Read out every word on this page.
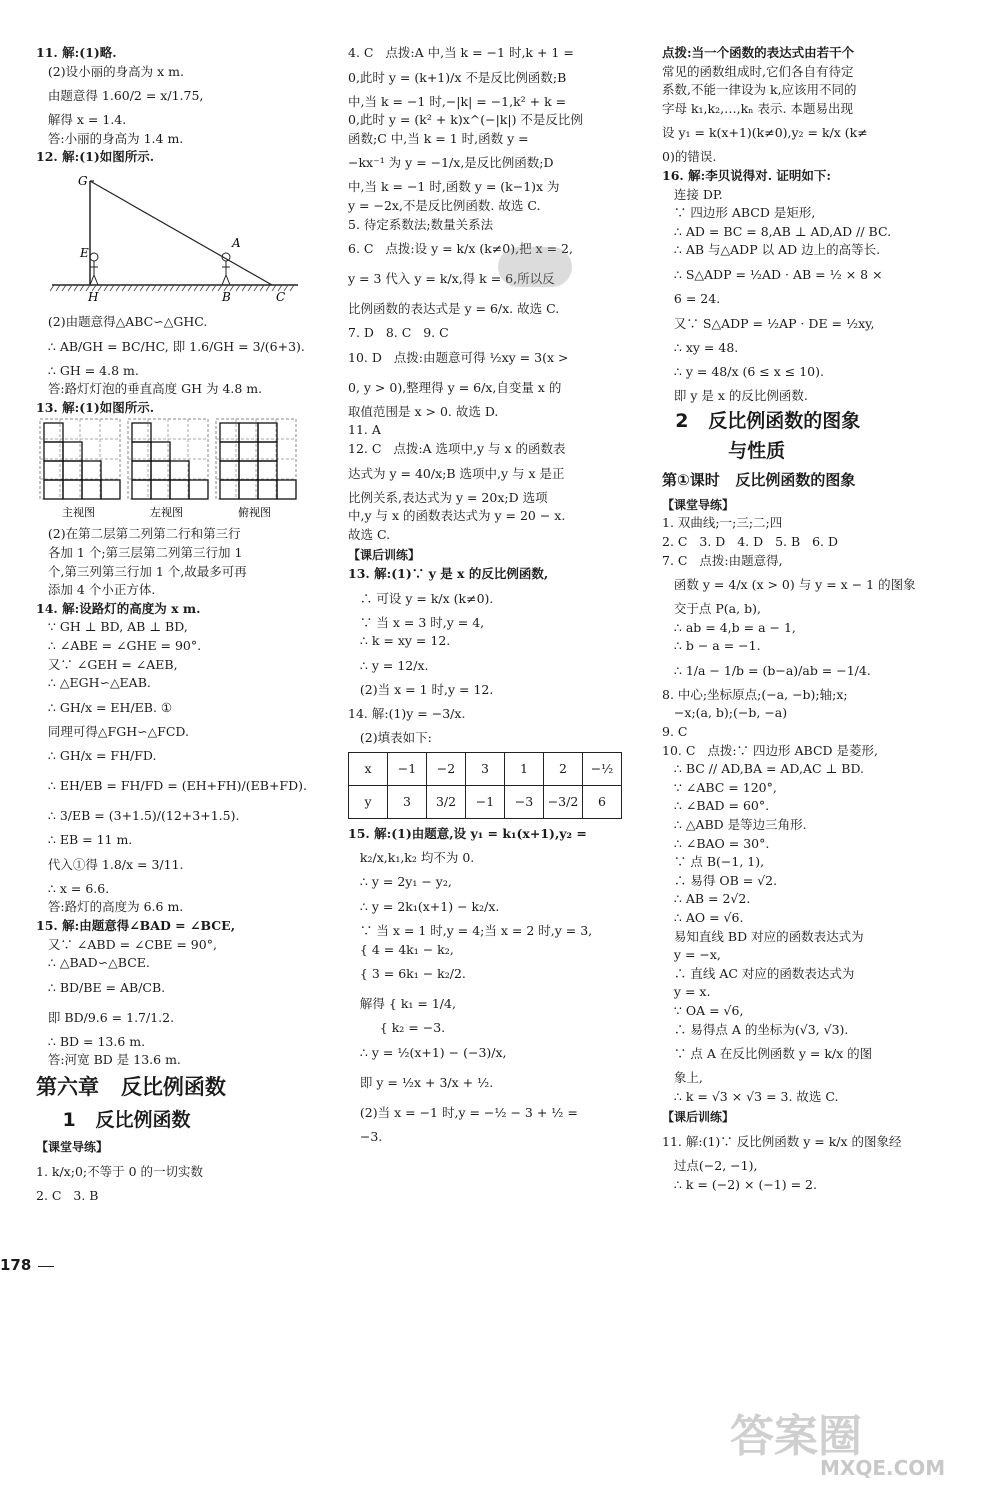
11. 解:(1)略.
(2)设小丽的身高为 x m.
由题意得 1.60/2 = x/1.75,
解得 x = 1.4.
答:小丽的身高为 1.4 m.
12. 解:(1)如图所示.
G
E
A
H	B	C
(2)由题意得△ABC∽△GHC.
∴ AB/GH = BC/HC, 即 1.6/GH = 3/(6+3).
∴ GH = 4.8 m.
答:路灯灯泡的垂直高度 GH 为 4.8 m.
13. 解:(1)如图所示.
主视图	左视图	俯视图
(2)在第二层第二列第二行和第三行
各加 1 个;第三层第二列第三行加 1
个,第三列第三行加 1 个,故最多可再
添加 4 个小正方体.
14. 解:设路灯的高度为 x m.
∵ GH ⊥ BD, AB ⊥ BD,
∴ ∠ABE = ∠GHE = 90°.
又∵ ∠GEH = ∠AEB,
∴ △EGH∽△EAB.
∴ GH/x = EH/EB. ①
同理可得△FGH∽△FCD.
∴ GH/x = FH/FD.
∴ EH/EB = FH/FD = (EH+FH)/(EB+FD).
∴ 3/EB = (3+1.5)/(12+3+1.5).
∴ EB = 11 m.
代入①得 1.8/x = 3/11.
∴ x = 6.6.
答:路灯的高度为 6.6 m.
15. 解:由题意得∠BAD = ∠BCE,
又∵ ∠ABD = ∠CBE = 90°,
∴ △BAD∽△BCE.
∴ BD/BE = AB/CB.
即 BD/9.6 = 1.7/1.2.
∴ BD = 13.6 m.
答:河宽 BD 是 13.6 m.
第六章   反比例函数
1   反比例函数
【课堂导练】
1. k/x;0;不等于 0 的一切实数
2. C   3. B
4. C   点拨:A 中,当 k = −1 时,k + 1 =
0,此时 y = (k+1)/x 不是反比例函数;B
中,当 k = −1 时,−|k| = −1,k² + k =
0,此时 y = (k² + k)x^(−|k|) 不是反比例
函数;C 中,当 k = 1 时,函数 y =
−kx⁻¹ 为 y = −1/x,是反比例函数;D
中,当 k = −1 时,函数 y = (k−1)x 为
y = −2x,不是反比例函数. 故选 C.
5. 待定系数法;数量关系法
6. C   点拨:设 y = k/x (k≠0),把 x = 2,
y = 3 代入 y = k/x,得 k = 6,所以反
比例函数的表达式是 y = 6/x. 故选 C.
7. D   8. C   9. C
10. D   点拨:由题意可得 ½xy = 3(x >
0, y > 0),整理得 y = 6/x,自变量 x 的
取值范围是 x > 0. 故选 D.
11. A
12. C   点拨:A 选项中,y 与 x 的函数表
达式为 y = 40/x;B 选项中,y 与 x 是正
比例关系,表达式为 y = 20x;D 选项
中,y 与 x 的函数表达式为 y = 20 − x.
故选 C.
【课后训练】
13. 解:(1)∵ y 是 x 的反比例函数,
∴ 可设 y = k/x (k≠0).
∵ 当 x = 3 时,y = 4,
∴ k = xy = 12.
∴ y = 12/x.
(2)当 x = 1 时,y = 12.
14. 解:(1)y = −3/x.
(2)填表如下:
x	−1	−2	3	1	2	−½
y	3	3/2	−1	−3	−3/2	6
15. 解:(1)由题意,设 y₁ = k₁(x+1),y₂ =
k₂/x,k₁,k₂ 均不为 0.
∴ y = 2y₁ − y₂,
∴ y = 2k₁(x+1) − k₂/x.
∵ 当 x = 1 时,y = 4;当 x = 2 时,y = 3,
{ 4 = 4k₁ − k₂,
{ 3 = 6k₁ − k₂/2.
解得 { k₁ = 1/4,
{ k₂ = −3.
∴ y = ½(x+1) − (−3)/x,
即 y = ½x + 3/x + ½.
(2)当 x = −1 时,y = −½ − 3 + ½ =
−3.
点拨:当一个函数的表达式由若干个
常见的函数组成时,它们各自有待定
系数,不能一律设为 k,应该用不同的
字母 k₁,k₂,…,kₙ 表示. 本题易出现
设 y₁ = k(x+1)(k≠0),y₂ = k/x (k≠
0)的错误.
16. 解:李贝说得对. 证明如下:
连接 DP.
∵ 四边形 ABCD 是矩形,
∴ AD = BC = 8,AB ⊥ AD,AD // BC.
∴ AB 与△ADP 以 AD 边上的高等长.
∴ S△ADP = ½AD · AB = ½ × 8 ×
6 = 24.
又∵ S△ADP = ½AP · DE = ½xy,
∴ xy = 48.
∴ y = 48/x (6 ≤ x ≤ 10).
即 y 是 x 的反比例函数.
2   反比例函数的图象
与性质
第①课时   反比例函数的图象
【课堂导练】
1. 双曲线;一;三;二;四
2. C   3. D   4. D   5. B   6. D
7. C   点拨:由题意得,
函数 y = 4/x (x > 0) 与 y = x − 1 的图象
交于点 P(a, b),
∴ ab = 4,b = a − 1,
∴ b − a = −1.
∴ 1/a − 1/b = (b−a)/ab = −1/4.
8. 中心;坐标原点;(−a, −b);轴;x;
−x;(a, b);(−b, −a)
9. C
10. C   点拨:∵ 四边形 ABCD 是菱形,
∴ BC // AD,BA = AD,AC ⊥ BD.
∵ ∠ABC = 120°,
∴ ∠BAD = 60°.
∴ △ABD 是等边三角形.
∴ ∠BAO = 30°.
∵ 点 B(−1, 1),
∴ 易得 OB = √2.
∴ AB = 2√2.
∴ AO = √6.
易知直线 BD 对应的函数表达式为
y = −x,
∴ 直线 AC 对应的函数表达式为
y = x.
∵ OA = √6,
∴ 易得点 A 的坐标为(√3, √3).
∵ 点 A 在反比例函数 y = k/x 的图
象上,
∴ k = √3 × √3 = 3. 故选 C.
【课后训练】
11. 解:(1)∵ 反比例函数 y = k/x 的图象经
过点(−2, −1),
∴ k = (−2) × (−1) = 2.
178
答案圈
MXQE.COM
